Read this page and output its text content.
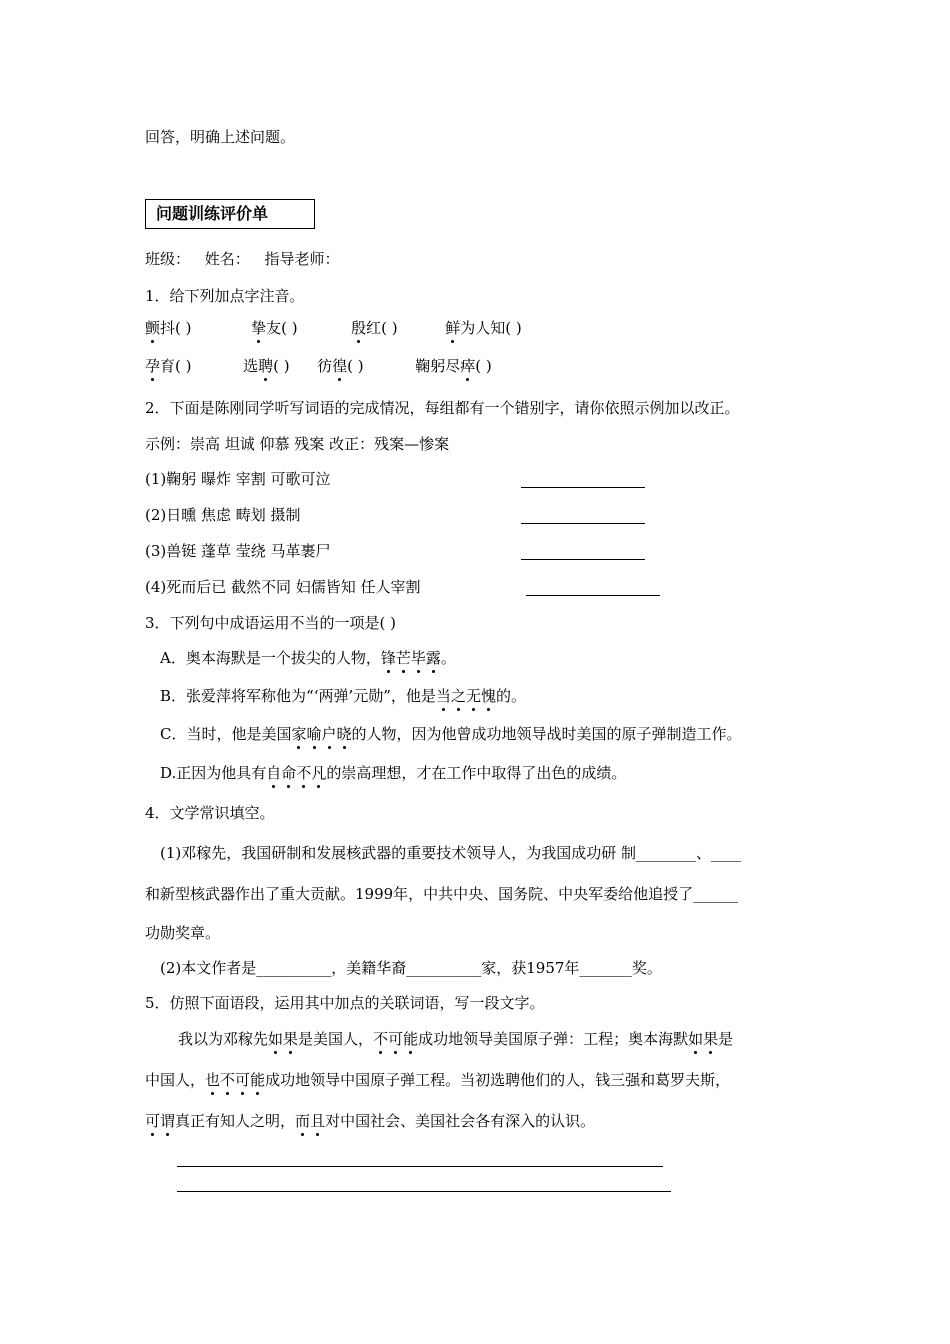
回答，明确上述问题。
问题训练评价单
班级： 姓名： 指导老师：
1．给下列加点字注音。
颤抖( )	挚友( )	殷红( )	鲜为人知( )
孕育( )	选聘( ) 彷徨( )	鞠躬尽瘁( )
2．下面是陈刚同学听写词语的完成情况，每组都有一个错别字，请你依照示例加以改正。
示例：崇高 坦诚 仰慕 残案 改正：残案—惨案
(1)鞠躬 曝炸 宰割 可歌可泣
(2)日曛 焦虑 畴划 摄制
(3)兽铤 蓬草 莹绕 马革裹尸
(4)死而后已 截然不同 妇儒皆知 任人宰割
3．下列句中成语运用不当的一项是( )
A．奥本海默是一个拔尖的人物，锋芒毕露。
B．张爱萍将军称他为“‘两弹’元勋”，他是当之无愧的。
C．当时，他是美国家喻户晓的人物，因为他曾成功地领导战时美国的原子弹制造工作。
D.正因为他具有自命不凡的崇高理想，才在工作中取得了出色的成绩。
4．文学常识填空。
(1)邓稼先，我国研制和发展核武器的重要技术领导人，为我国成功研 制________、____
和新型核武器作出了重大贡献。1999年，中共中央、国务院、中央军委给他追授了______
功勋奖章。
(2)本文作者是__________，美籍华裔__________家，获1957年_______奖。
5．仿照下面语段，运用其中加点的关联词语，写一段文字。
我以为邓稼先如果是美国人，不可能成功地领导美国原子弹：工程；奥本海默如果是
中国人，也不可能成功地领导中国原子弹工程。当初选聘他们的人，钱三强和葛罗夫斯，
可谓真正有知人之明，而且对中国社会、美国社会各有深入的认识。
